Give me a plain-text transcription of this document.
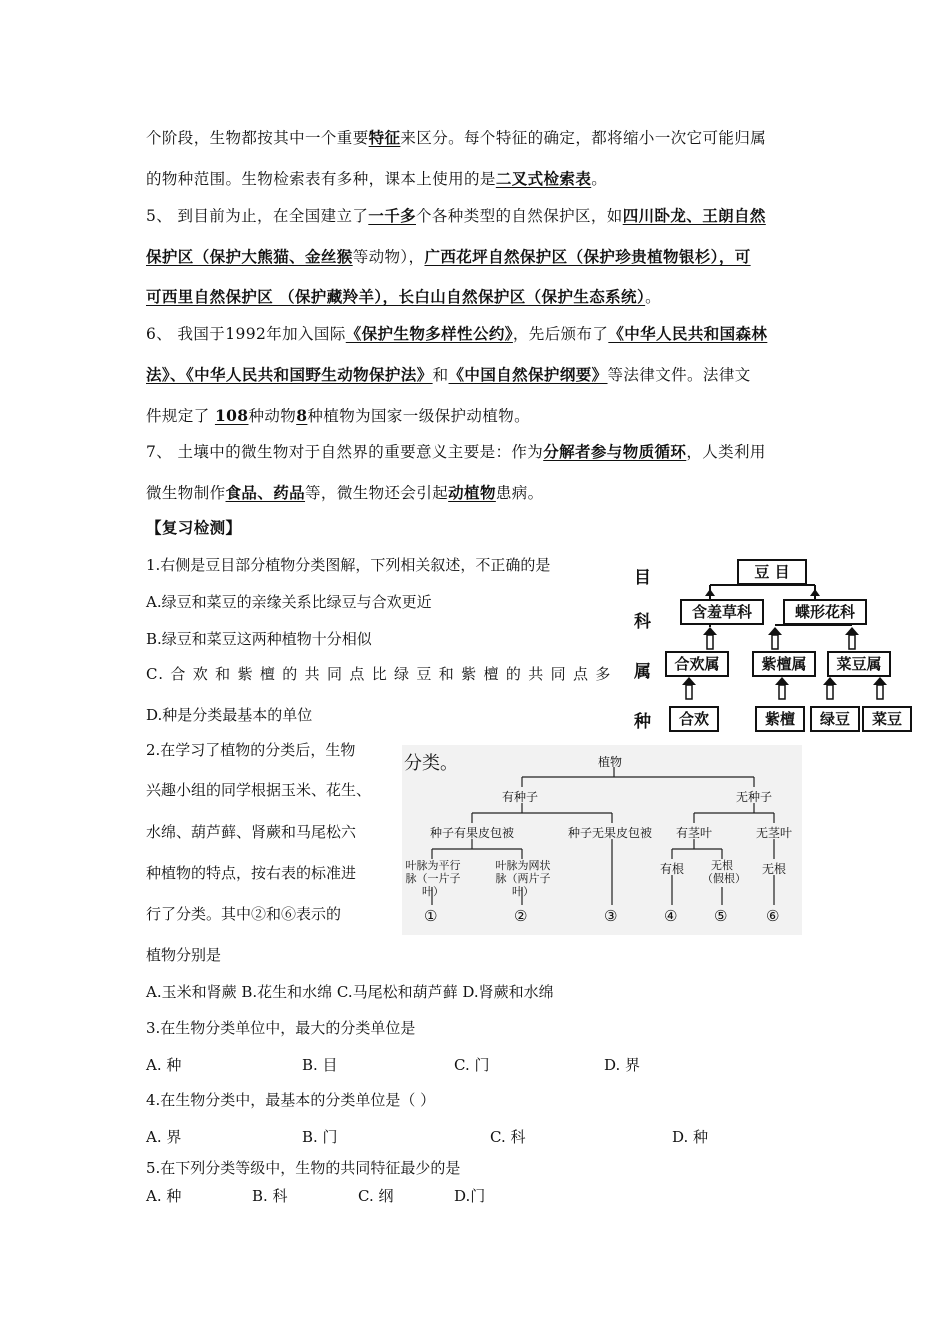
个阶段，生物都按其中一个重要特征来区分。每个特征的确定，都将缩小一次它可能归属
的物种范围。生物检索表有多种，课本上使用的是二叉式检索表。
5、 到目前为止，在全国建立了一千多个各种类型的自然保护区，如四川卧龙、王朗自然
保护区（保护大熊猫、金丝猴等动物），广西花坪自然保护区（保护珍贵植物银杉），可
可西里自然保护区 （保护藏羚羊），长白山自然保护区（保护生态系统）。
6、 我国于1992年加入国际《保护生物多样性公约》，先后颁布了《中华人民共和国森林
法》、《中华人民共和国野生动物保护法》和《中国自然保护纲要》等法律文件。法律文
件规定了 108种动物8种植物为国家一级保护动植物。
7、 土壤中的微生物对于自然界的重要意义主要是：作为分解者参与物质循环，人类利用
微生物制作食品、药品等，微生物还会引起动植物患病。
【复习检测】
1.右侧是豆目部分植物分类图解，下列相关叙述，不正确的是
A.绿豆和菜豆的亲缘关系比绿豆与合欢更近
B.绿豆和菜豆这两种植物十分相似
C. 合 欢 和 紫 檀 的 共 同 点 比 绿 豆 和 紫 檀 的 共 同 点 多
D.种是分类最基本的单位
目
科
属
种
豆 目
含羞草科	蝶形花科
合欢属	紫檀属	菜豆属
合欢	紫檀	绿豆	菜豆
2.在学习了植物的分类后，生物
兴趣小组的同学根据玉米、花生、
水绵、葫芦藓、肾蕨和马尾松六
种植物的特点，按右表的标准进
行了分类。其中②和⑥表示的
植物分别是
A.玉米和肾蕨 B.花生和水绵 C.马尾松和葫芦藓 D.肾蕨和水绵
分类。	植物
有种子	无种子
种子有果皮包被	种子无果皮包被 有茎叶	无茎叶
叶脉为平行脉（一片子叶）
叶脉为网状脉（两片子叶）
有根	无根（假根）
无根
①	②	③	④ ⑤	⑥
3.在生物分类单位中，最大的分类单位是
A. 种	B. 目	C. 门	D. 界
4.在生物分类中，最基本的分类单位是（ ）
A. 界	B. 门	C. 科	D. 种
5.在下列分类等级中，生物的共同特征最少的是
A. 种	B. 科	C. 纲	D.门
